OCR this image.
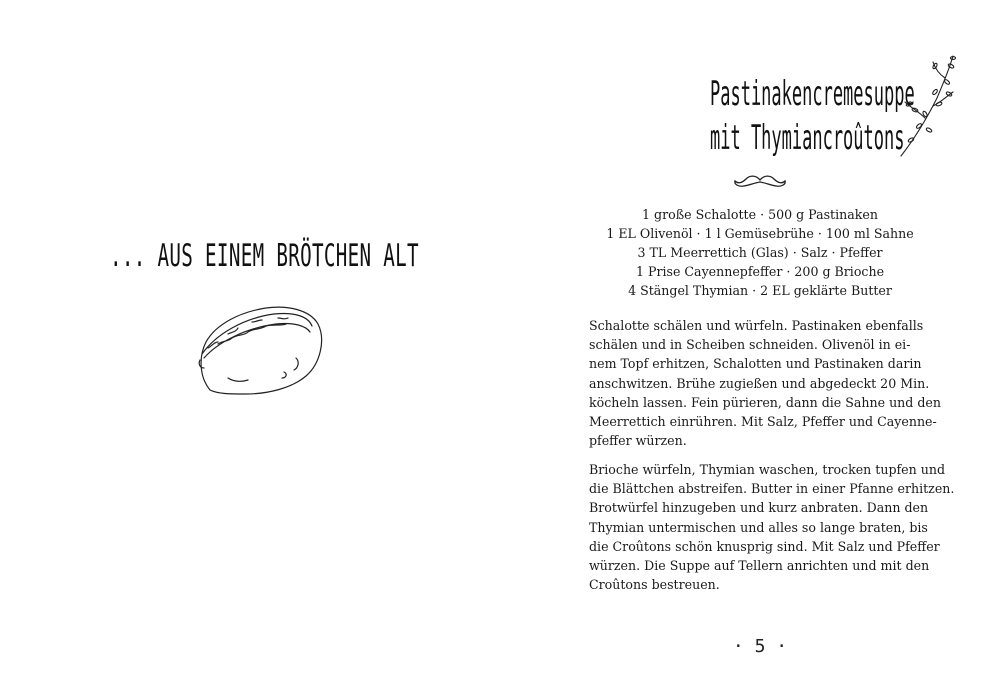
... AUS EINEM BRÖTCHEN ALT
Pastinakencremesuppe
mit Thymiancroûtons
1 große Schalotte · 500 g Pastinaken
1 EL Olivenöl · 1 l Gemüsebrühe · 100 ml Sahne
3 TL Meerrettich (Glas) · Salz · Pfeffer
1 Prise Cayennepfeffer · 200 g Brioche
4 Stängel Thymian · 2 EL geklärte Butter
Schalotte schälen und würfeln. Pastinaken ebenfalls
schälen und in Scheiben schneiden. Olivenöl in ei-
nem Topf erhitzen, Schalotten und Pastinaken darin
anschwitzen. Brühe zugießen und abgedeckt 20 Min.
köcheln lassen. Fein pürieren, dann die Sahne und den
Meerrettich einrühren. Mit Salz, Pfeffer und Cayenne-
pfeffer würzen.
Brioche würfeln, Thymian waschen, trocken tupfen und
die Blättchen abstreifen. Butter in einer Pfanne erhitzen.
Brotwürfel hinzugeben und kurz anbraten. Dann den
Thymian untermischen und alles so lange braten, bis
die Croûtons schön knusprig sind. Mit Salz und Pfeffer
würzen. Die Suppe auf Tellern anrichten und mit den
Croûtons bestreuen.
· 5 ·
